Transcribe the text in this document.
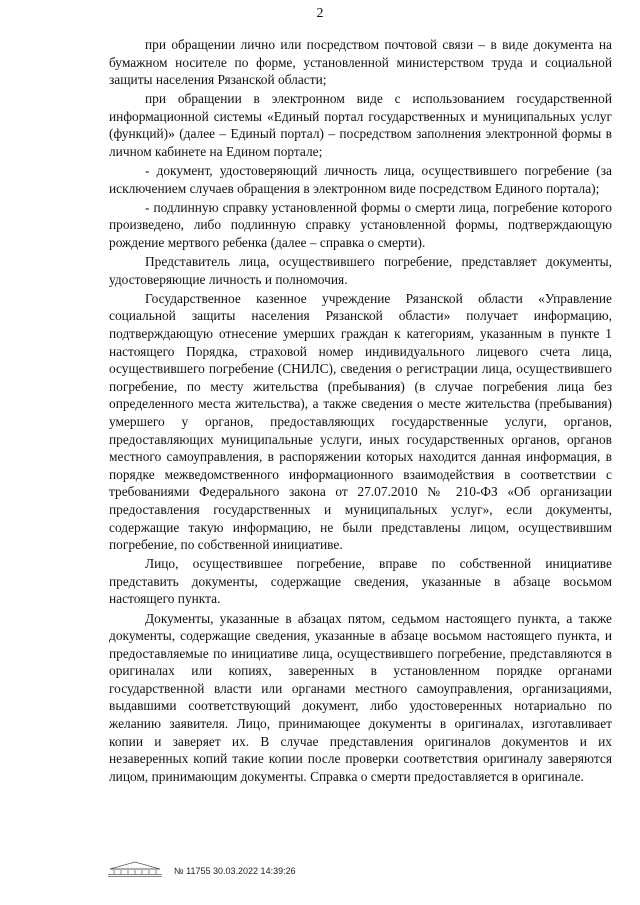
2

при обращении лично или посредством почтовой связи – в виде документа на бумажном носителе по форме, установленной министерством труда и социальной защиты населения Рязанской области;

при обращении в электронном виде с использованием государственной информационной системы «Единый портал государственных и муниципальных услуг (функций)» (далее – Единый портал) – посредством заполнения электронной формы в личном кабинете на Едином портале;

- документ, удостоверяющий личность лица, осуществившего погребение (за исключением случаев обращения в электронном виде посредством Единого портала);

- подлинную справку установленной формы о смерти лица, погребение которого произведено, либо подлинную справку установленной формы, подтверждающую рождение мертвого ребенка (далее – справка о смерти).

Представитель лица, осуществившего погребение, представляет документы, удостоверяющие личность и полномочия.

Государственное казенное учреждение Рязанской области «Управление социальной защиты населения Рязанской области» получает информацию, подтверждающую отнесение умерших граждан к категориям, указанным в пункте 1 настоящего Порядка, страховой номер индивидуального лицевого счета лица, осуществившего погребение (СНИЛС), сведения о регистрации лица, осуществившего погребение, по месту жительства (пребывания) (в случае погребения лица без определенного места жительства), а также сведения о месте жительства (пребывания) умершего у органов, предоставляющих государственные услуги, органов, предоставляющих муниципальные услуги, иных государственных органов, органов местного самоуправления, в распоряжении которых находится данная информация, в порядке межведомственного информационного взаимодействия в соответствии с требованиями Федерального закона от 27.07.2010 № 210-ФЗ «Об организации предоставления государственных и муниципальных услуг», если документы, содержащие такую информацию, не были представлены лицом, осуществившим погребение, по собственной инициативе.

Лицо, осуществившее погребение, вправе по собственной инициативе представить документы, содержащие сведения, указанные в абзаце восьмом настоящего пункта.

Документы, указанные в абзацах пятом, седьмом настоящего пункта, а также документы, содержащие сведения, указанные в абзаце восьмом настоящего пункта, и предоставляемые по инициативе лица, осуществившего погребение, представляются в оригиналах или копиях, заверенных в установленном порядке органами государственной власти или органами местного самоуправления, организациями, выдавшими соответствующий документ, либо удостоверенных нотариально по желанию заявителя. Лицо, принимающее документы в оригиналах, изготавливает копии и заверяет их. В случае представления оригиналов документов и их незаверенных копий такие копии после проверки соответствия оригиналу заверяются лицом, принимающим документы. Справка о смерти предоставляется в оригинале.

№ 11755 30.03.2022 14:39:26
